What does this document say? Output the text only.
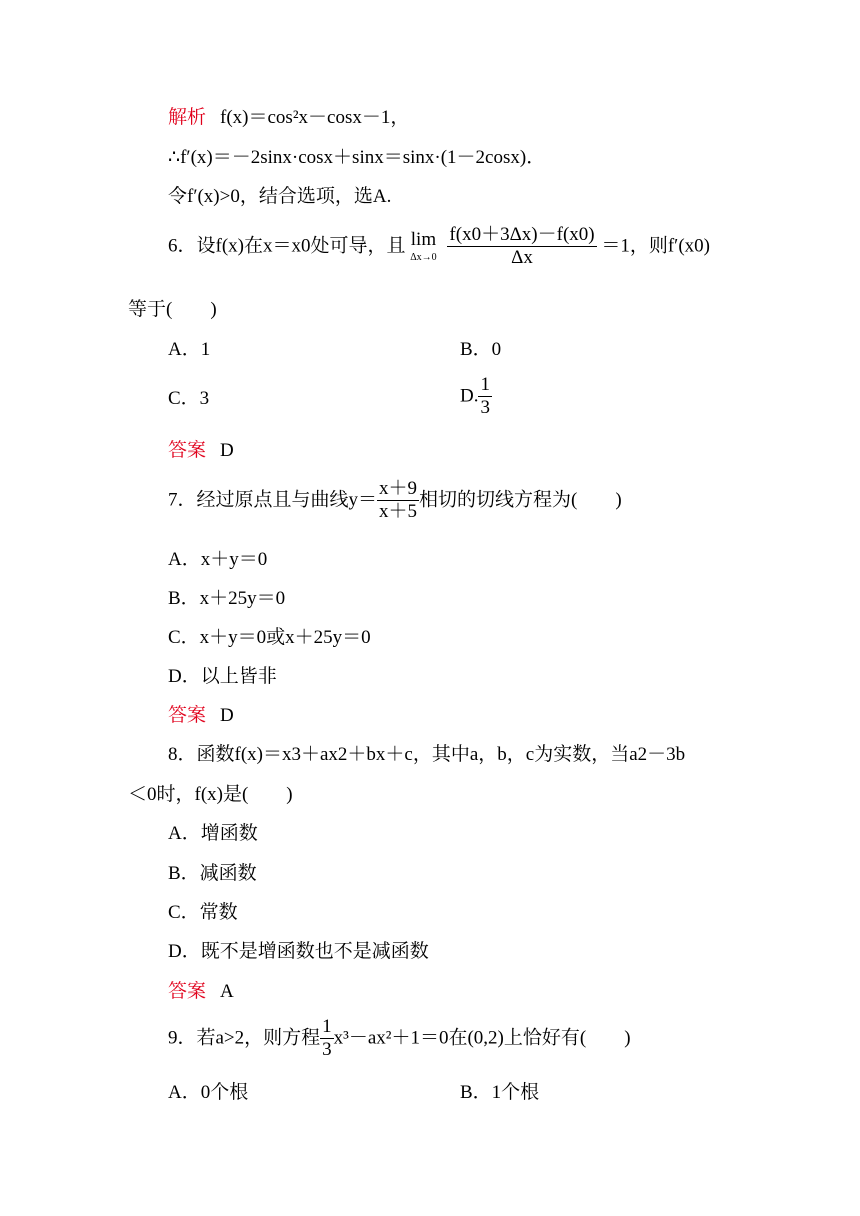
解析 f(x)＝cos²x－cosx－1，
∴f′(x)＝－2sinx·cosx＋sinx＝sinx·(1－2cosx)．
令f′(x)>0，结合选项，选A.
6．设f(x)在x＝x0处可导，且 lim
Δx→0
$\frac{f(x0+3\Delta x)-f(x0)}{\Delta x} =1$，则f′(x0)
等于(　　)
A．1	B．0
C．3	D. $\frac{1}{3}$
答案 D
7．经过原点且与曲线$y= \frac{x+9}{x+5}$ 相切的切线方程为(　　)
A．x＋y＝0
B．x＋25y＝0
C．x＋y＝0或x＋25y＝0
D．以上皆非
答案 D
8．函数f(x)＝x3＋ax2＋bx＋c，其中a，b，c为实数，当a2－3b
＜0时，f(x)是(　　)
A．增函数
B．减函数
C．常数
D．既不是增函数也不是减函数
答案 A
9．若a>2，则方程 $\frac{1}{3} x^3-ax^2+1=0$在(0,2)上恰好有(　　)
A．0个根	B．1个根
